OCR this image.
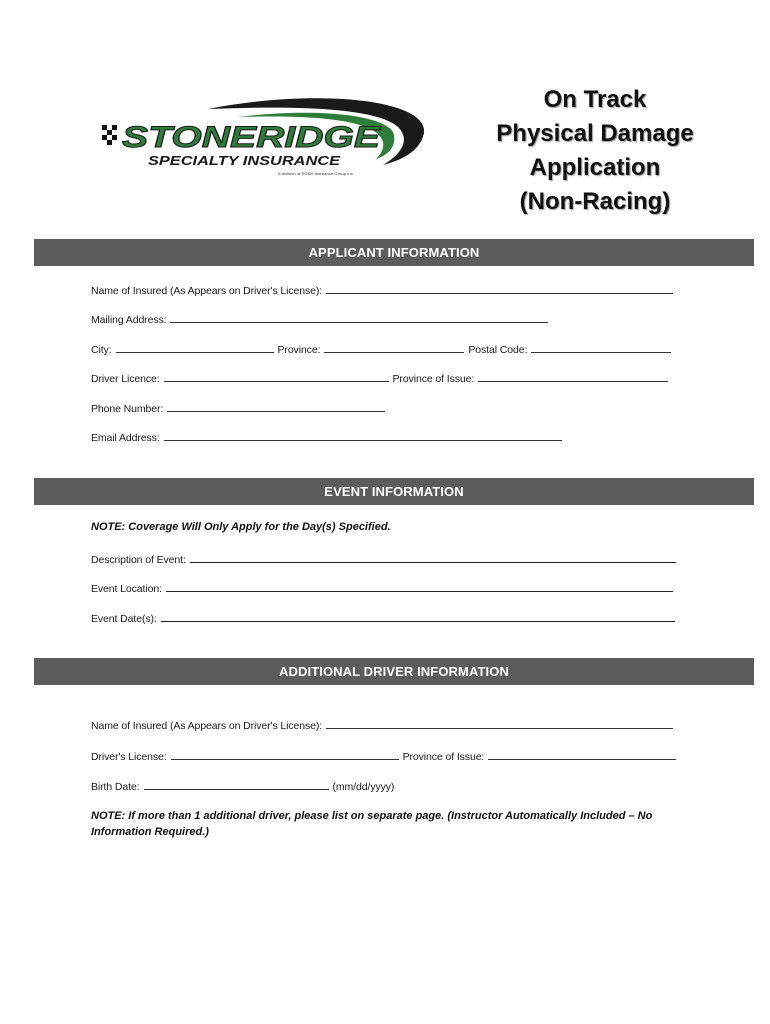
STONERIDGE
SPECIALTY INSURANCE
A division of SGBH Insurance Group Inc.
On Track
Physical Damage
Application
(Non-Racing)
APPLICANT INFORMATION
Name of Insured (As Appears on Driver's License):
Mailing Address:
City:	Province:	Postal Code:
Driver Licence:	Province of Issue:
Phone Number:
Email Address:
EVENT INFORMATION
NOTE: Coverage Will Only Apply for the Day(s) Specified.
Description of Event:
Event Location:
Event Date(s):
ADDITIONAL DRIVER INFORMATION
Name of Insured (As Appears on Driver's License):
Driver's License:	Province of Issue:
Birth Date:	(mm/dd/yyyy)
NOTE: If more than 1 additional driver, please list on separate page. (Instructor Automatically Included – No
Information Required.)
